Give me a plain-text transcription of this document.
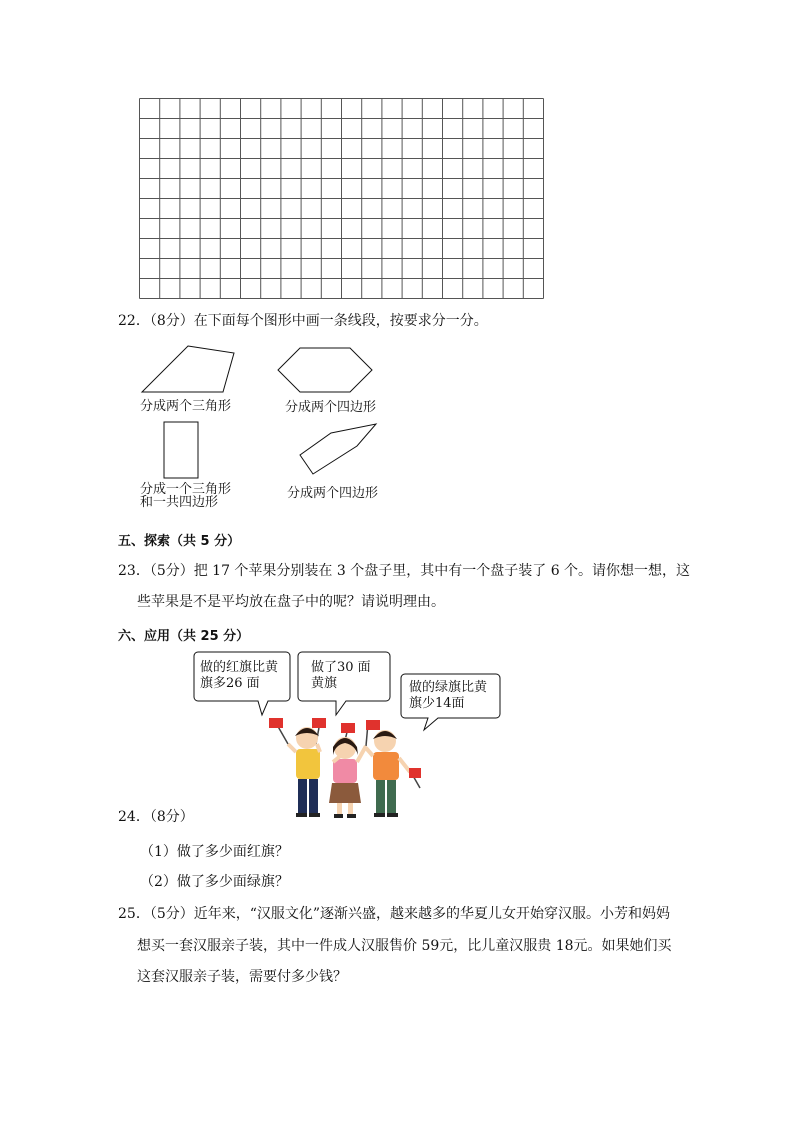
22．（8分）在下面每个图形中画一条线段，按要求分一分。
分成两个三角形	分成两个四边形
分成一个三角形
和一共四边形
分成两个四边形
五、探索（共 5 分）
23．（5分）把 17 个苹果分别装在 3 个盘子里，其中有一个盘子装了 6 个。请你想一想，这
些苹果是不是平均放在盘子中的呢？请说明理由。
六、应用（共 25 分）
做的红旗比黄
旗多26 面
做了30 面
黄旗	做的绿旗比黄
旗少14面
24．（8分）
（1）做了多少面红旗？
（2）做了多少面绿旗？
25．（5分）近年来，“汉服文化”逐渐兴盛，越来越多的华夏儿女开始穿汉服。小芳和妈妈
想买一套汉服亲子装，其中一件成人汉服售价 59元，比儿童汉服贵 18元。如果她们买
这套汉服亲子装，需要付多少钱？
